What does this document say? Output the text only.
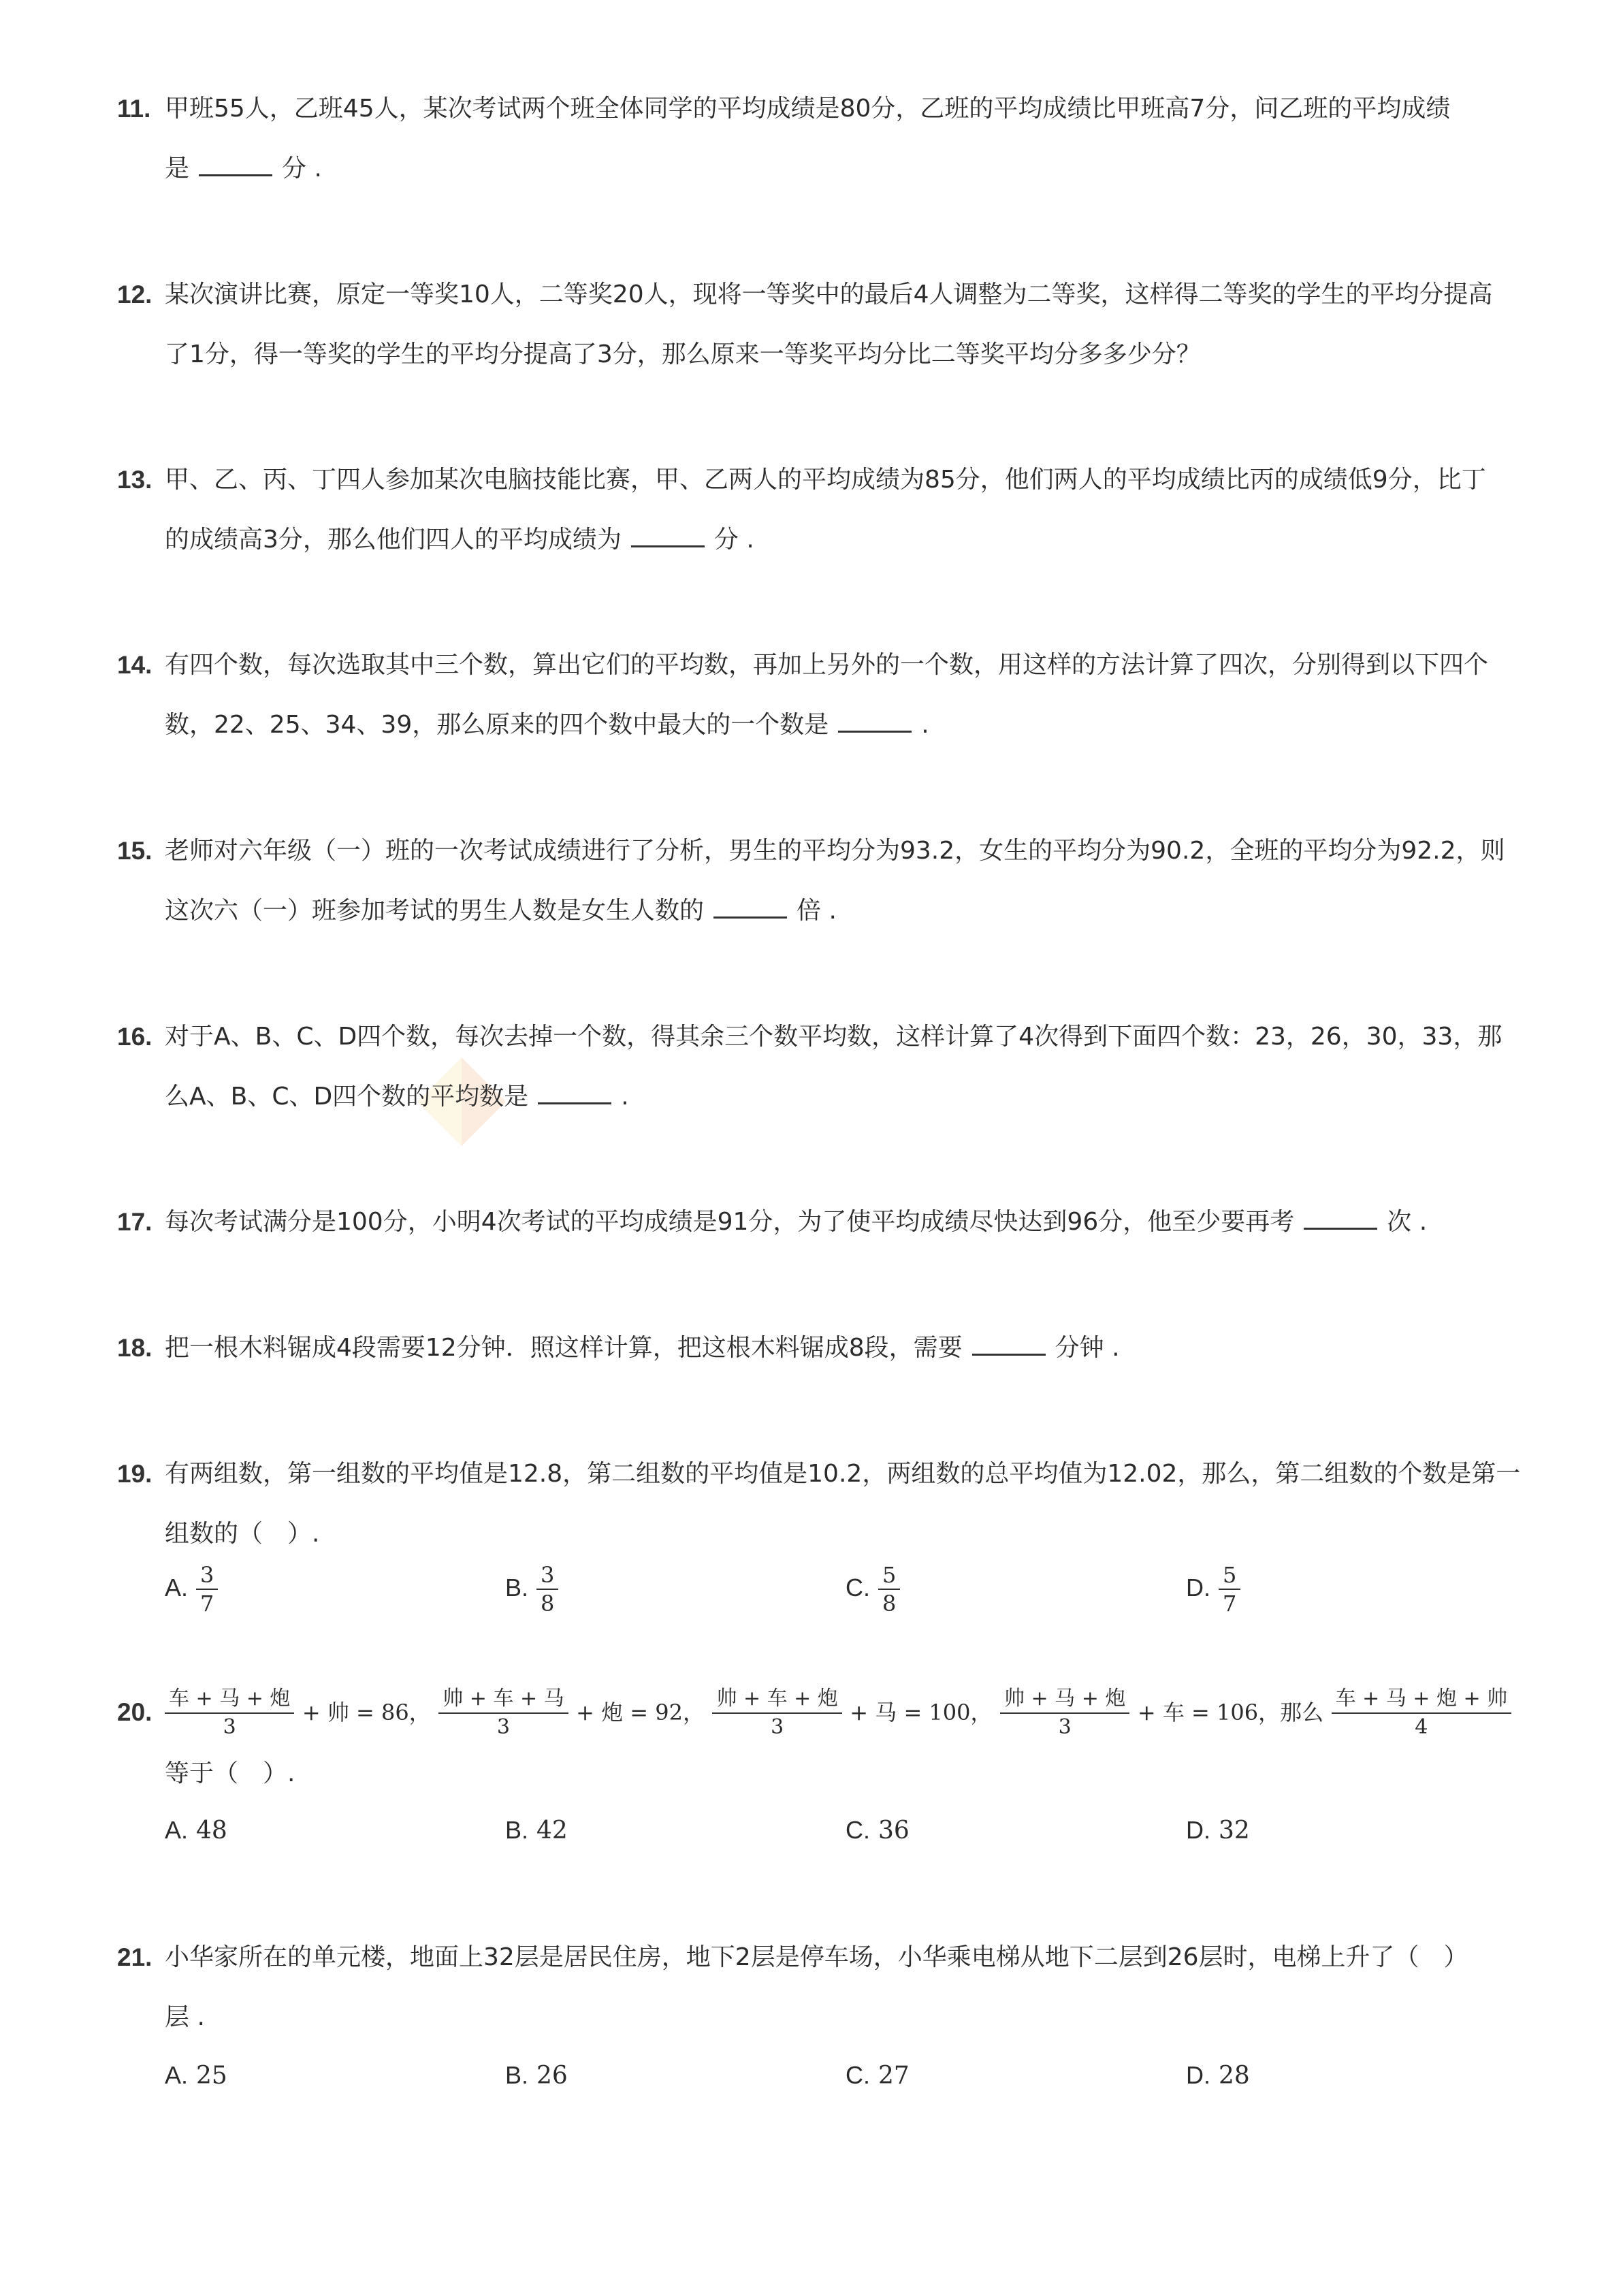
11. 甲班55人，乙班45人，某次考试两个班全体同学的平均成绩是80分，乙班的平均成绩比甲班高7分，问乙班的平均成绩
是	分 .
12. 某次演讲比赛，原定一等奖10人，二等奖20人，现将一等奖中的最后4人调整为二等奖，这样得二等奖的学生的平均分提高
了1分，得一等奖的学生的平均分提高了3分，那么原来一等奖平均分比二等奖平均分多多少分？
13. 甲、乙、丙、丁四人参加某次电脑技能比赛，甲、乙两人的平均成绩为85分，他们两人的平均成绩比丙的成绩低9分，比丁
的成绩高3分，那么他们四人的平均成绩为	分 .
14. 有四个数，每次选取其中三个数，算出它们的平均数，再加上另外的一个数，用这样的方法计算了四次，分别得到以下四个
数，22、25、34、39，那么原来的四个数中最大的一个数是	.
15. 老师对六年级（一）班的一次考试成绩进行了分析，男生的平均分为93.2，女生的平均分为90.2，全班的平均分为92.2，则
这次六（一）班参加考试的男生人数是女生人数的	倍 .
16. 对于A、B、C、D四个数，每次去掉一个数，得其余三个数平均数，这样计算了4次得到下面四个数：23，26，30，33，那
么A、B、C、D四个数的平均数是	.
17. 每次考试满分是100分，小明4次考试的平均成绩是91分，为了使平均成绩尽快达到96分，他至少要再考	次 .
18. 把一根木料锯成4段需要12分钟．照这样计算，把这根木料锯成8段，需要	分钟 .
19. 有两组数，第一组数的平均值是12.8，第二组数的平均值是10.2，两组数的总平均值为12.02，那么，第二组数的个数是第一
组数的（　）.
A. $\frac{3}{7}$	B. $\frac{3}{8}$	C. $\frac{5}{8}$	D. $\frac{5}{7}$
20. $\frac{\text{车 + 马 + 炮}}{3}$ + 帅 = 86， $\frac{\text{帅 + 车 + 马}}{3}$ + 炮 = 92， $\frac{\text{帅 + 车 + 炮}}{3}$ + 马 = 100， $\frac{\text{帅 + 马 + 炮}}{3}$ + 车 = 106，那么 $\frac{\text{车 + 马 + 炮 + 帅}}{4}$
等于（　）.
A. 48	B. 42	C. 36	D. 32
21. 小华家所在的单元楼，地面上32层是居民住房，地下2层是停车场，小华乘电梯从地下二层到26层时，电梯上升了（　）
层 .
A. 25	B. 26	C. 27	D. 28
